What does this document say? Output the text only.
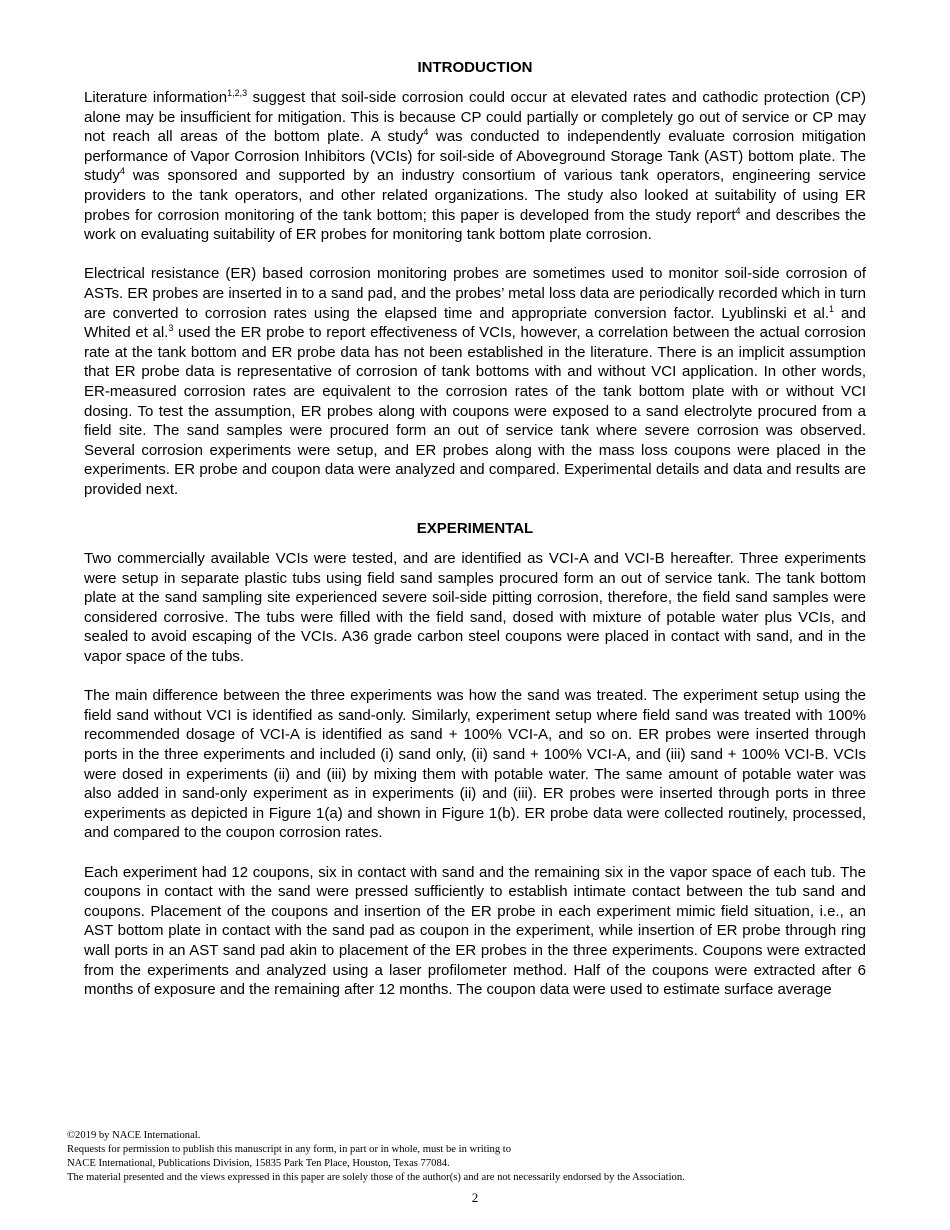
INTRODUCTION

Literature information$^{1,2,3}$ suggest that soil-side corrosion could occur at elevated rates and cathodic protection (CP) alone may be insufficient for mitigation. This is because CP could partially or completely go out of service or CP may not reach all areas of the bottom plate. A study$^4$ was conducted to independently evaluate corrosion mitigation performance of Vapor Corrosion Inhibitors (VCIs) for soil-side of Aboveground Storage Tank (AST) bottom plate. The study$^4$ was sponsored and supported by an industry consortium of various tank operators, engineering service providers to the tank operators, and other related organizations. The study also looked at suitability of using ER probes for corrosion monitoring of the tank bottom; this paper is developed from the study report$^4$ and describes the work on evaluating suitability of ER probes for monitoring tank bottom plate corrosion.

Electrical resistance (ER) based corrosion monitoring probes are sometimes used to monitor soil-side corrosion of ASTs. ER probes are inserted in to a sand pad, and the probes’ metal loss data are periodically recorded which in turn are converted to corrosion rates using the elapsed time and appropriate conversion factor. Lyublinski et al.$^1$ and Whited et al.$^3$ used the ER probe to report effectiveness of VCIs, however, a correlation between the actual corrosion rate at the tank bottom and ER probe data has not been established in the literature. There is an implicit assumption that ER probe data is representative of corrosion of tank bottoms with and without VCI application. In other words, ER-measured corrosion rates are equivalent to the corrosion rates of the tank bottom plate with or without VCI dosing. To test the assumption, ER probes along with coupons were exposed to a sand electrolyte procured from a field site. The sand samples were procured form an out of service tank where severe corrosion was observed. Several corrosion experiments were setup, and ER probes along with the mass loss coupons were placed in the experiments. ER probe and coupon data were analyzed and compared. Experimental details and data and results are provided next.

EXPERIMENTAL

Two commercially available VCIs were tested, and are identified as VCI-A and VCI-B hereafter. Three experiments were setup in separate plastic tubs using field sand samples procured form an out of service tank. The tank bottom plate at the sand sampling site experienced severe soil-side pitting corrosion, therefore, the field sand samples were considered corrosive. The tubs were filled with the field sand, dosed with mixture of potable water plus VCIs, and sealed to avoid escaping of the VCIs. A36 grade carbon steel coupons were placed in contact with sand, and in the vapor space of the tubs.

The main difference between the three experiments was how the sand was treated. The experiment setup using the field sand without VCI is identified as sand-only. Similarly, experiment setup where field sand was treated with 100% recommended dosage of VCI-A is identified as sand + 100% VCI-A, and so on. ER probes were inserted through ports in the three experiments and included (i) sand only, (ii) sand + 100% VCI-A, and (iii) sand + 100% VCI-B. VCIs were dosed in experiments (ii) and (iii) by mixing them with potable water. The same amount of potable water was also added in sand-only experiment as in experiments (ii) and (iii). ER probes were inserted through ports in three experiments as depicted in Figure 1(a) and shown in Figure 1(b). ER probe data were collected routinely, processed, and compared to the coupon corrosion rates.

Each experiment had 12 coupons, six in contact with sand and the remaining six in the vapor space of each tub. The coupons in contact with the sand were pressed sufficiently to establish intimate contact between the tub sand and coupons. Placement of the coupons and insertion of the ER probe in each experiment mimic field situation, i.e., an AST bottom plate in contact with the sand pad as coupon in the experiment, while insertion of ER probe through ring wall ports in an AST sand pad akin to placement of the ER probes in the three experiments. Coupons were extracted from the experiments and analyzed using a laser profilometer method. Half of the coupons were extracted after 6 months of exposure and the remaining after 12 months. The coupon data were used to estimate surface average

©2019 by NACE International.
Requests for permission to publish this manuscript in any form, in part or in whole, must be in writing to
NACE International, Publications Division, 15835 Park Ten Place, Houston, Texas 77084.
The material presented and the views expressed in this paper are solely those of the author(s) and are not necessarily endorsed by the Association.
2
